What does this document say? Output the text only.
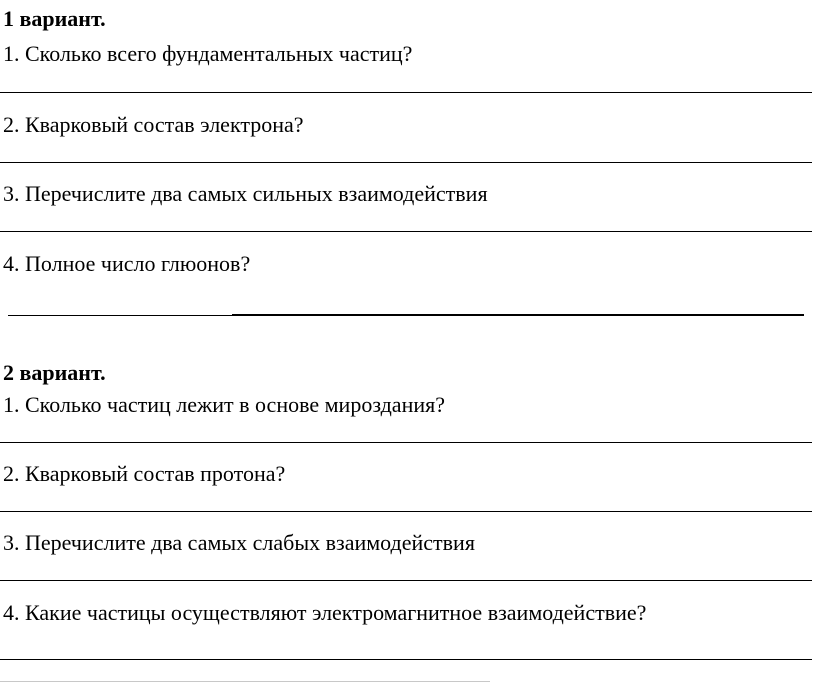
1 вариант.
1. Сколько всего фундаментальных частиц?
2. Кварковый состав электрона?
3. Перечислите два самых сильных взаимодействия
4. Полное число глюонов?
2 вариант.
1. Сколько частиц лежит в основе мироздания?
2. Кварковый состав протона?
3. Перечислите два самых слабых взаимодействия
4. Какие частицы осуществляют электромагнитное взаимодействие?
